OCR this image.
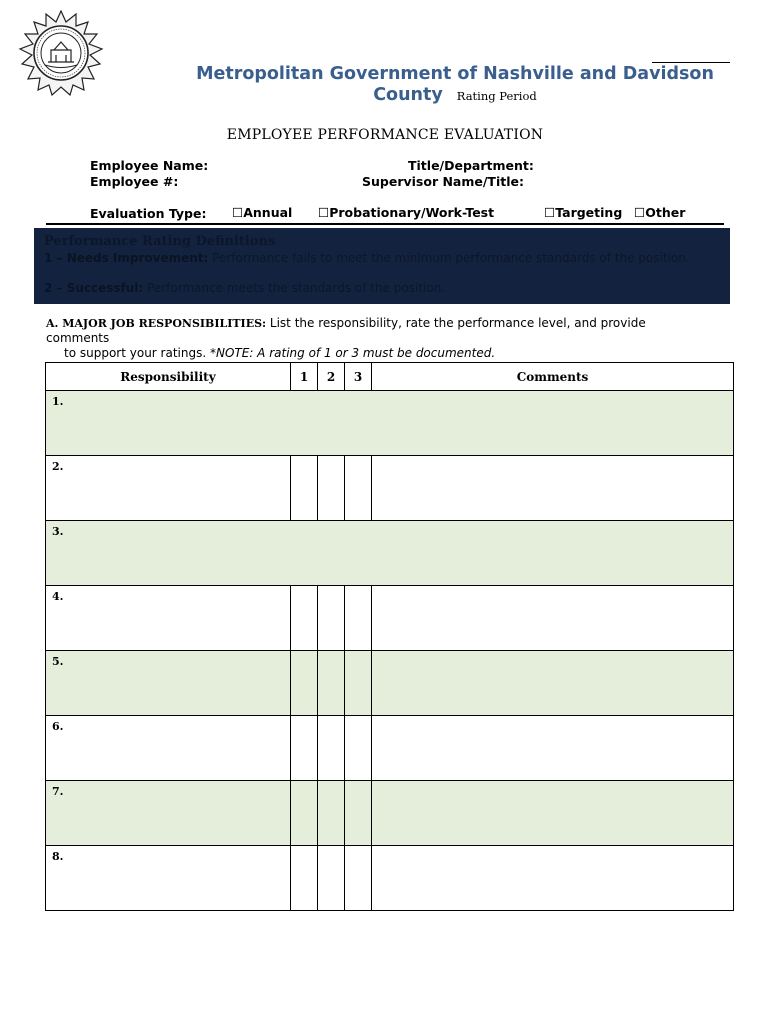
Metropolitan Government of Nashville and Davidson
County Rating Period
EMPLOYEE PERFORMANCE EVALUATION
Employee Name:	Title/Department:
Employee #:	Supervisor Name/Title:
Evaluation Type: ☐Annual ☐Probationary/Work-Test	☐Targeting ☐Other
Performance Rating Definitions
1 – Needs Improvement: Performance fails to meet the minimum performance standards of the position.
2 – Successful: Performance meets the standards of the position.
A. MAJOR JOB RESPONSIBILITIES: List the responsibility, rate the performance level, and provide comments
to support your ratings. *NOTE: A rating of 1 or 3 must be documented.
Responsibility	1	2	3	Comments

1.				

2.				

3.				

4.				

5.				

6.				

7.				

8.				
